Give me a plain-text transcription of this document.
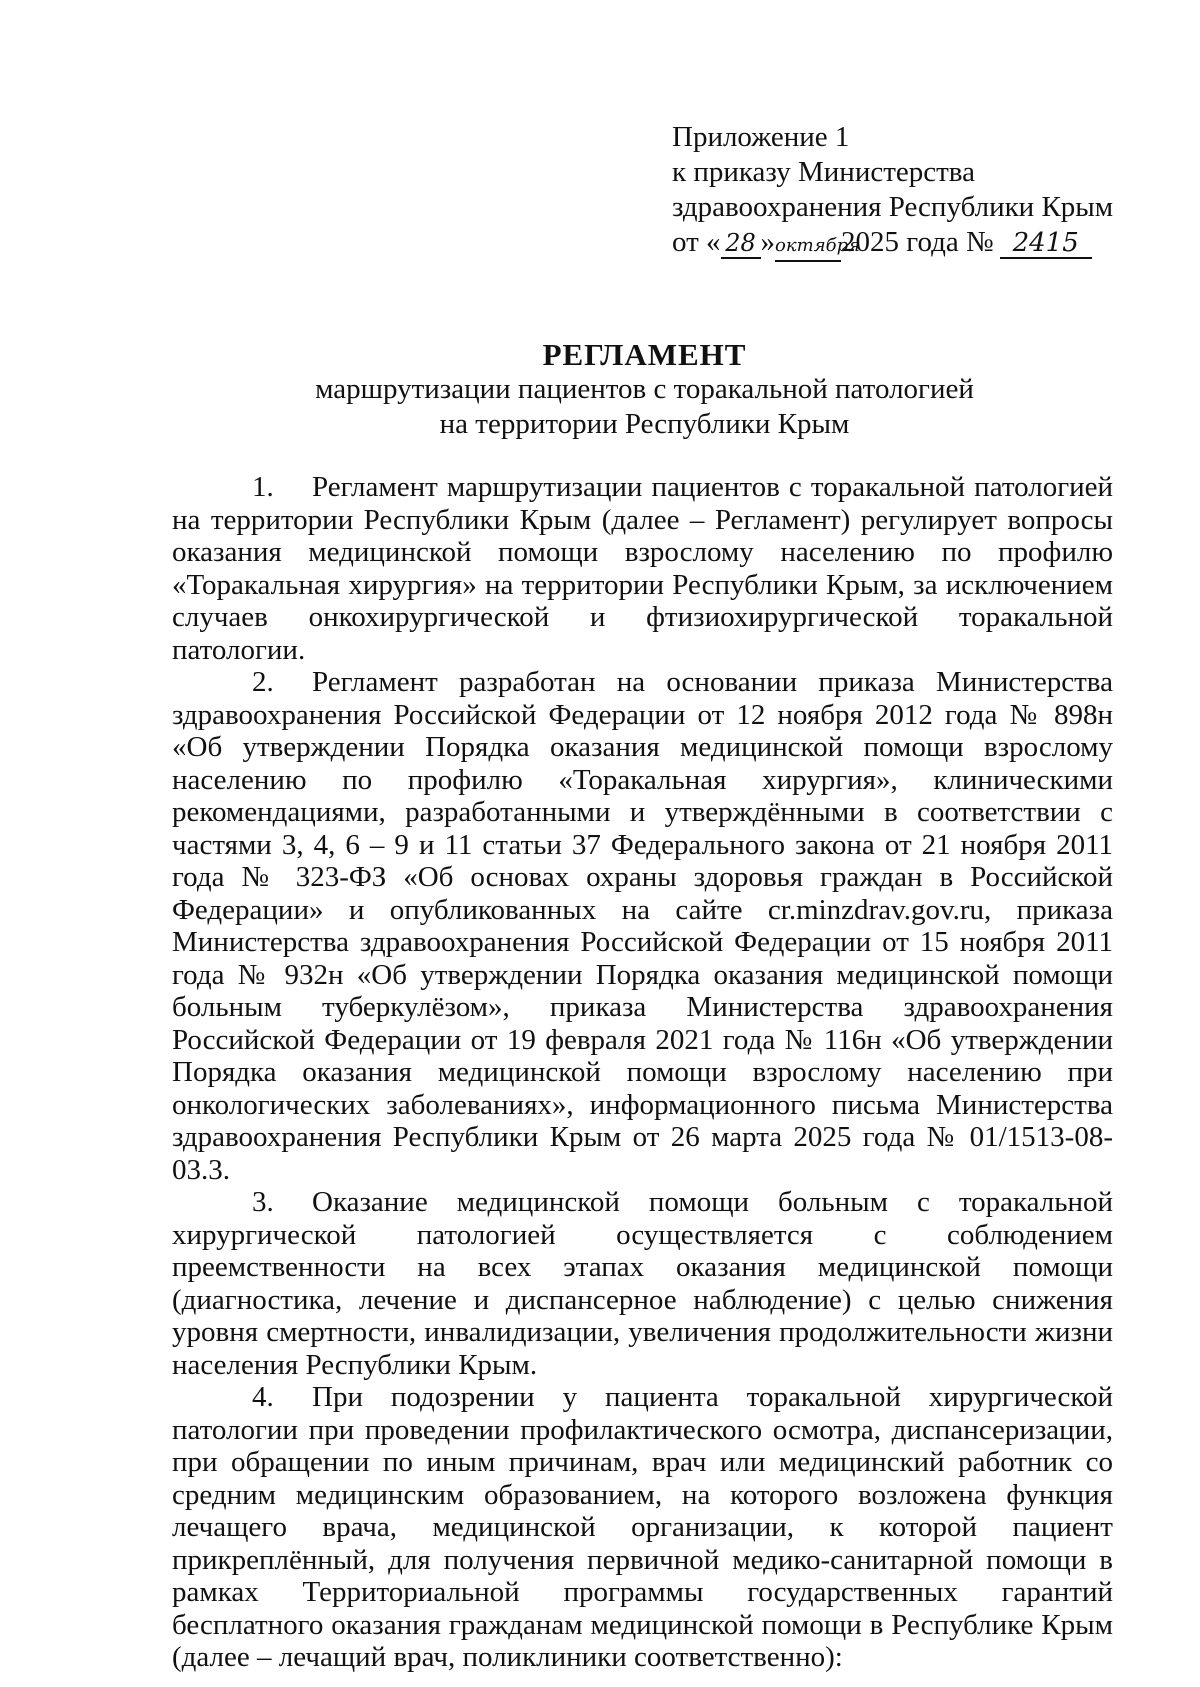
Приложение 1
к приказу Министерства
здравоохранения Республики Крым
от « 28 »октября2025 года № 2415
РЕГЛАМЕНТ
маршрутизации пациентов с торакальной патологией
на территории Республики Крым

1. Регламент маршрутизации пациентов с торакальной патологией на территории Республики Крым (далее – Регламент) регулирует вопросы оказания медицинской помощи взрослому населению по профилю «Торакальная хирургия» на территории Республики Крым, за исключением случаев онкохирургической и фтизиохирургической торакальной патологии.

2. Регламент разработан на основании приказа Министерства здравоохранения Российской Федерации от 12 ноября 2012 года № 898н «Об утверждении Порядка оказания медицинской помощи взрослому населению по профилю «Торакальная хирургия», клиническими рекомендациями, разработанными и утверждёнными в соответствии с частями 3, 4, 6 – 9 и 11 статьи 37 Федерального закона от 21 ноября 2011 года № 323-ФЗ «Об основах охраны здоровья граждан в Российской Федерации» и опубликованных на сайте cr.minzdrav.gov.ru, приказа Министерства здравоохранения Российской Федерации от 15 ноября 2011 года № 932н «Об утверждении Порядка оказания медицинской помощи больным туберкулёзом», приказа Министерства здравоохранения Российской Федерации от 19 февраля 2021 года № 116н «Об утверждении Порядка оказания медицинской помощи взрослому населению при онкологических заболеваниях», информационного письма Министерства здравоохранения Республики Крым от 26 марта 2025 года № 01/1513-08-03.3.

3. Оказание медицинской помощи больным с торакальной хирургической патологией осуществляется с соблюдением преемственности на всех этапах оказания медицинской помощи (диагностика, лечение и диспансерное наблюдение) с целью снижения уровня смертности, инвалидизации, увеличения продолжительности жизни населения Республики Крым.

4. При подозрении у пациента торакальной хирургической патологии при проведении профилактического осмотра, диспансеризации, при обращении по иным причинам, врач или медицинский работник со средним медицинским образованием, на которого возложена функция лечащего врача, медицинской организации, к которой пациент прикреплённый, для получения первичной медико-санитарной помощи в рамках Территориальной программы государственных гарантий бесплатного оказания гражданам медицинской помощи в Республике Крым (далее – лечащий врач, поликлиники соответственно):
